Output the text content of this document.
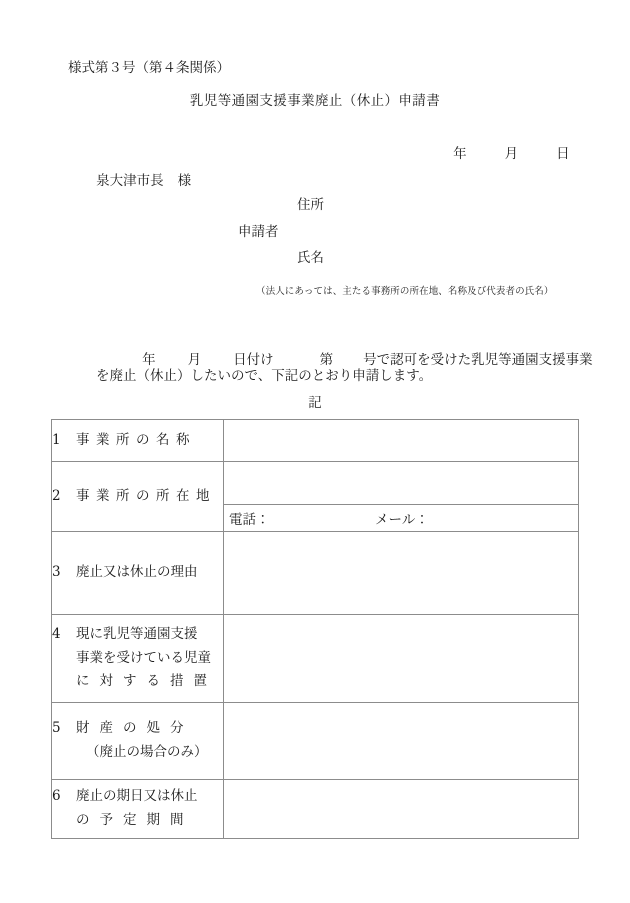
様式第３号（第４条関係）
乳児等通園支援事業廃止（休止）申請書

年	月	日

泉大津市長 様

住所
申請者
氏名
（法人にあっては、主たる事務所の所在地、名称及び代表者の氏名）

年 月 日付け	第 号で認可を受けた乳児等通園支援事業

を廃止（休止）したいので、下記のとおり申請します。
記
1 事業所の名称	

2 事業所の所在地	

	電話： メール：

3 廃止又は休止の理由	

4 現に乳児等通園支援
事業を受けている児童
に対する措置	

5 財産の処分
（廃止の場合のみ）	

6 廃止の期日又は休止
の予定期間	
